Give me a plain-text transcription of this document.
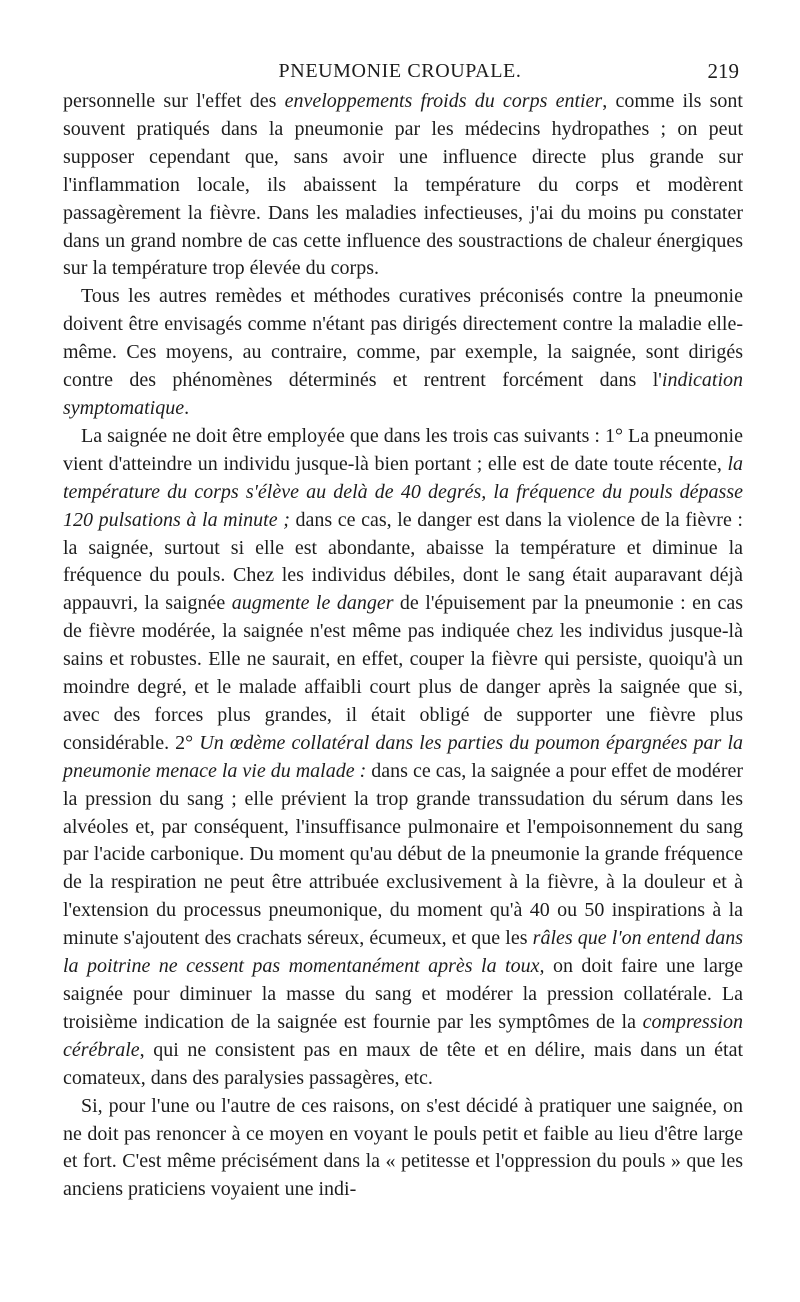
PNEUMONIE CROUPALE.	219

personnelle sur l'effet des enveloppements froids du corps entier, comme ils sont souvent pratiqués dans la pneumonie par les médecins hydropathes ; on peut supposer cependant que, sans avoir une influence directe plus grande sur l'inflammation locale, ils abaissent la température du corps et modèrent passagèrement la fièvre. Dans les maladies infectieuses, j'ai du moins pu constater dans un grand nombre de cas cette influence des soustractions de chaleur énergiques sur la température trop élevée du corps.

Tous les autres remèdes et méthodes curatives préconisés contre la pneumonie doivent être envisagés comme n'étant pas dirigés directement contre la maladie elle-même. Ces moyens, au contraire, comme, par exemple, la saignée, sont dirigés contre des phénomènes déterminés et rentrent forcément dans l'indication symptomatique.

La saignée ne doit être employée que dans les trois cas suivants : 1° La pneumonie vient d'atteindre un individu jusque-là bien portant ; elle est de date toute récente, la température du corps s'élève au delà de 40 degrés, la fréquence du pouls dépasse 120 pulsations à la minute ; dans ce cas, le danger est dans la violence de la fièvre : la saignée, surtout si elle est abondante, abaisse la température et diminue la fréquence du pouls. Chez les individus débiles, dont le sang était auparavant déjà appauvri, la saignée augmente le danger de l'épuisement par la pneumonie : en cas de fièvre modérée, la saignée n'est même pas indiquée chez les individus jusque-là sains et robustes. Elle ne saurait, en effet, couper la fièvre qui persiste, quoiqu'à un moindre degré, et le malade affaibli court plus de danger après la saignée que si, avec des forces plus grandes, il était obligé de supporter une fièvre plus considérable. 2° Un œdème collatéral dans les parties du poumon épargnées par la pneumonie menace la vie du malade : dans ce cas, la saignée a pour effet de modérer la pression du sang ; elle prévient la trop grande transsudation du sérum dans les alvéoles et, par conséquent, l'insuffisance pulmonaire et l'empoisonnement du sang par l'acide carbonique. Du moment qu'au début de la pneumonie la grande fréquence de la respiration ne peut être attribuée exclusivement à la fièvre, à la douleur et à l'extension du processus pneumonique, du moment qu'à 40 ou 50 inspirations à la minute s'ajoutent des crachats séreux, écumeux, et que les râles que l'on entend dans la poitrine ne cessent pas momentanément après la toux, on doit faire une large saignée pour diminuer la masse du sang et modérer la pression collatérale. La troisième indication de la saignée est fournie par les symptômes de la compression cérébrale, qui ne consistent pas en maux de tête et en délire, mais dans un état comateux, dans des paralysies passagères, etc.

Si, pour l'une ou l'autre de ces raisons, on s'est décidé à pratiquer une saignée, on ne doit pas renoncer à ce moyen en voyant le pouls petit et faible au lieu d'être large et fort. C'est même précisément dans la « petitesse et l'oppression du pouls » que les anciens praticiens voyaient une indi-
